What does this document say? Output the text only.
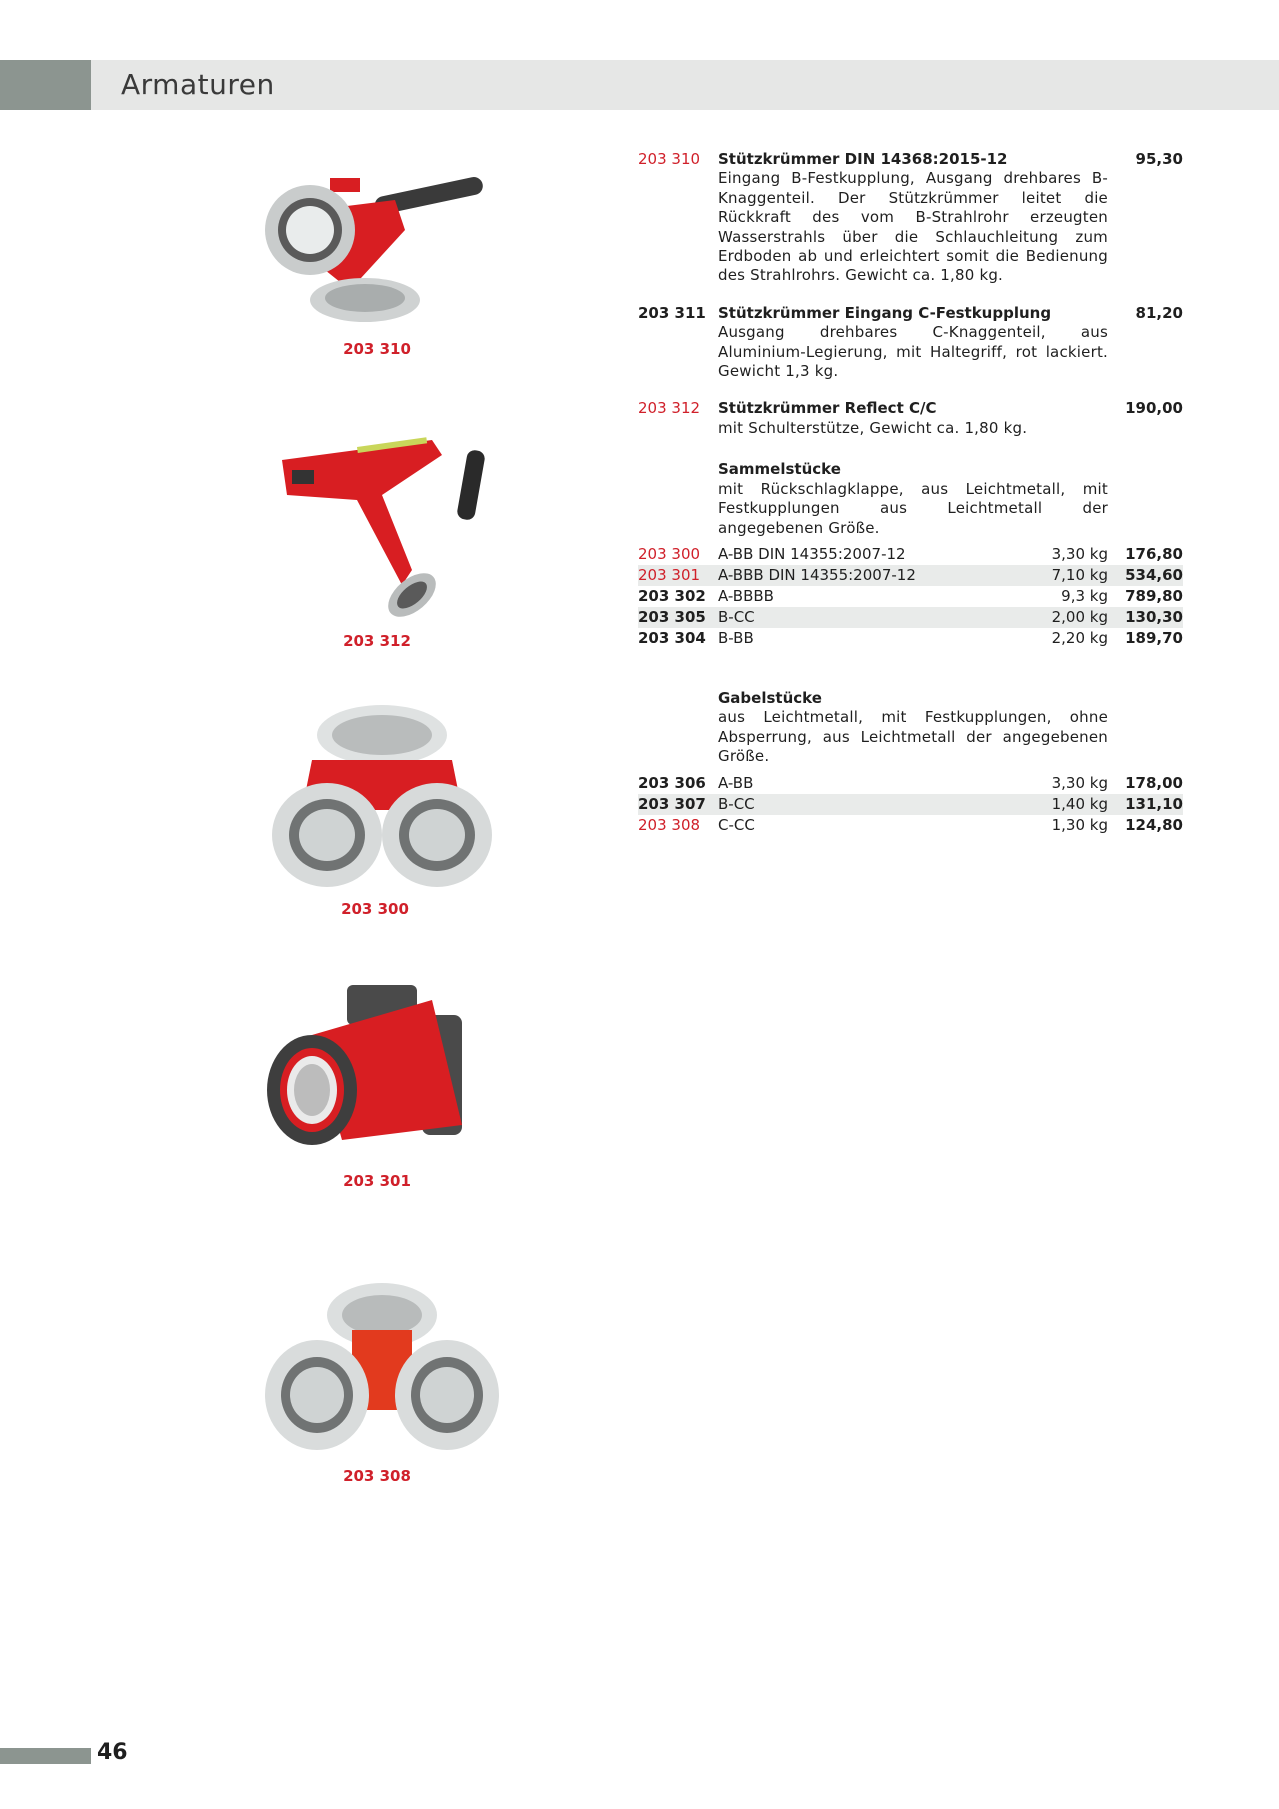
Armaturen
203 310
203 312
203 300
203 301
203 308
203 310 Stützkrümmer DIN 14368:2015-12	95,30
Eingang B-Festkupplung, Ausgang drehbares B-Knaggenteil. Der Stützkrümmer leitet die Rückkraft des vom B-Strahlrohr erzeugten Wasserstrahls über die Schlauchleitung zum Erdboden ab und erleichtert somit die Bedienung des Strahlrohrs. Gewicht ca. 1,80 kg.
203 311 Stützkrümmer Eingang C-Festkupplung	81,20
Ausgang drehbares C-Knaggenteil, aus Aluminium-Legierung, mit Haltegriff, rot lackiert. Gewicht 1,3 kg.
203 312 Stützkrümmer Reflect C/C	190,00
mit Schulterstütze, Gewicht ca. 1,80 kg.
Sammelstücke
mit Rückschlagklappe, aus Leichtmetall, mit Festkupplungen aus Leichtmetall der angegebenen Größe.
203 300 A-BB DIN 14355:2007-12	3,30 kg 176,80
203 301 A-BBB DIN 14355:2007-12	7,10 kg 534,60
203 302 A-BBBB	9,3 kg 789,80
203 305 B-CC	2,00 kg 130,30
203 304 B-BB	2,20 kg 189,70
Gabelstücke
aus Leichtmetall, mit Festkupplungen, ohne Absperrung, aus Leichtmetall der angegebenen Größe.
203 306 A-BB	3,30 kg 178,00
203 307 B-CC	1,40 kg 131,10
203 308 C-CC	1,30 kg 124,80
46
